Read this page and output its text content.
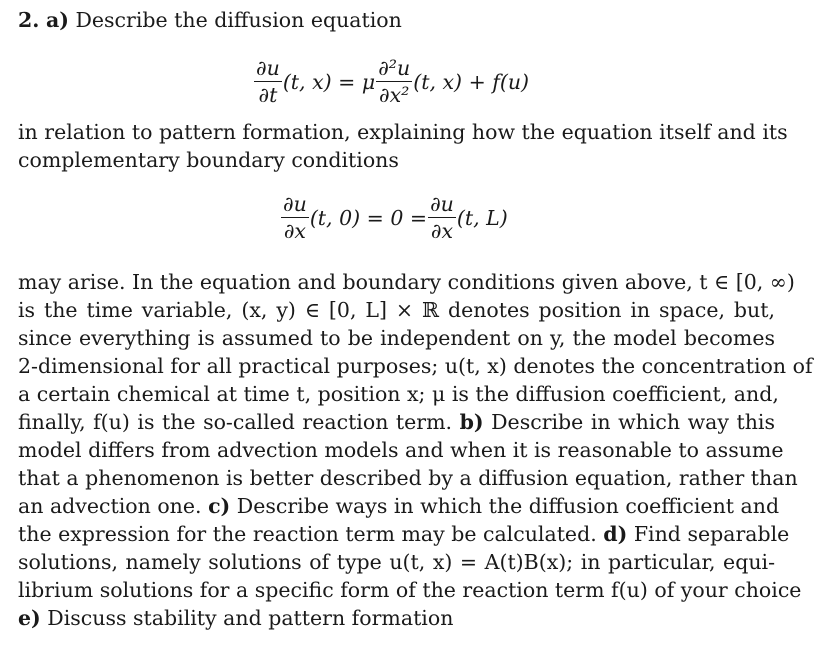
2. a) Describe the diffusion equation
$\frac{\partial u}{\partial t} (t$, x) = μ $\frac{\text{∂²u}}{\text{∂x²}} (t$, x) + f(u)
in relation to pattern formation, explaining how the equation itself and its
complementary boundary conditions
$\frac{\partial u}{\partial x} (t$, $0) = 0 = \frac{\partial u}{\partial x} (t$, L)
may arise. In the equation and boundary conditions given above, t ∈ [0, ∞)
is the time variable, (x, y) ∈ [0, L] × ℝ denotes position in space, but,
since everything is assumed to be independent on y, the model becomes
2-dimensional for all practical purposes; u(t, x) denotes the concentration of
a certain chemical at time t, position x; μ is the diffusion coefficient, and,
finally, f(u) is the so-called reaction term. b) Describe in which way this
model differs from advection models and when it is reasonable to assume
that a phenomenon is better described by a diffusion equation, rather than
an advection one. c) Describe ways in which the diffusion coefficient and
the expression for the reaction term may be calculated. d) Find separable
solutions, namely solutions of type u(t, x) = A(t)B(x); in particular, equi-
librium solutions for a specific form of the reaction term f(u) of your choice
e) Discuss stability and pattern formation
